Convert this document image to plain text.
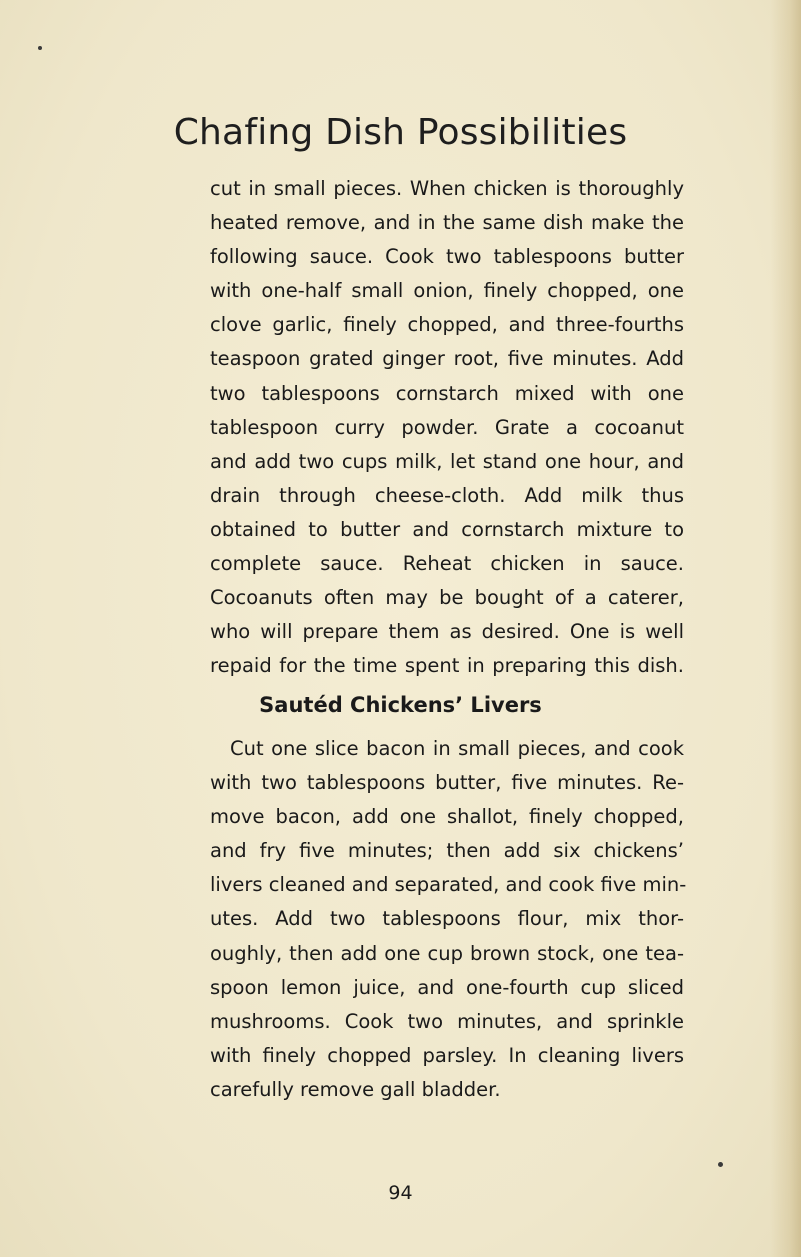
Chafing Dish Possibilities
cut in small pieces. When chicken is thoroughly
heated remove, and in the same dish make the
following sauce. Cook two tablespoons butter
with one-half small onion, finely chopped, one
clove garlic, finely chopped, and three-fourths
teaspoon grated ginger root, five minutes. Add
two tablespoons cornstarch mixed with one
tablespoon curry powder. Grate a cocoanut
and add two cups milk, let stand one hour, and
drain through cheese-cloth. Add milk thus
obtained to butter and cornstarch mixture to
complete sauce. Reheat chicken in sauce.
Cocoanuts often may be bought of a caterer,
who will prepare them as desired. One is well
repaid for the time spent in preparing this dish.
Sautéd Chickens’ Livers
Cut one slice bacon in small pieces, and cook
with two tablespoons butter, five minutes. Re-
move bacon, add one shallot, finely chopped,
and fry five minutes; then add six chickens’
livers cleaned and separated, and cook five min-
utes. Add two tablespoons flour, mix thor-
oughly, then add one cup brown stock, one tea-
spoon lemon juice, and one-fourth cup sliced
mushrooms. Cook two minutes, and sprinkle
with finely chopped parsley. In cleaning livers
carefully remove gall bladder.
94
